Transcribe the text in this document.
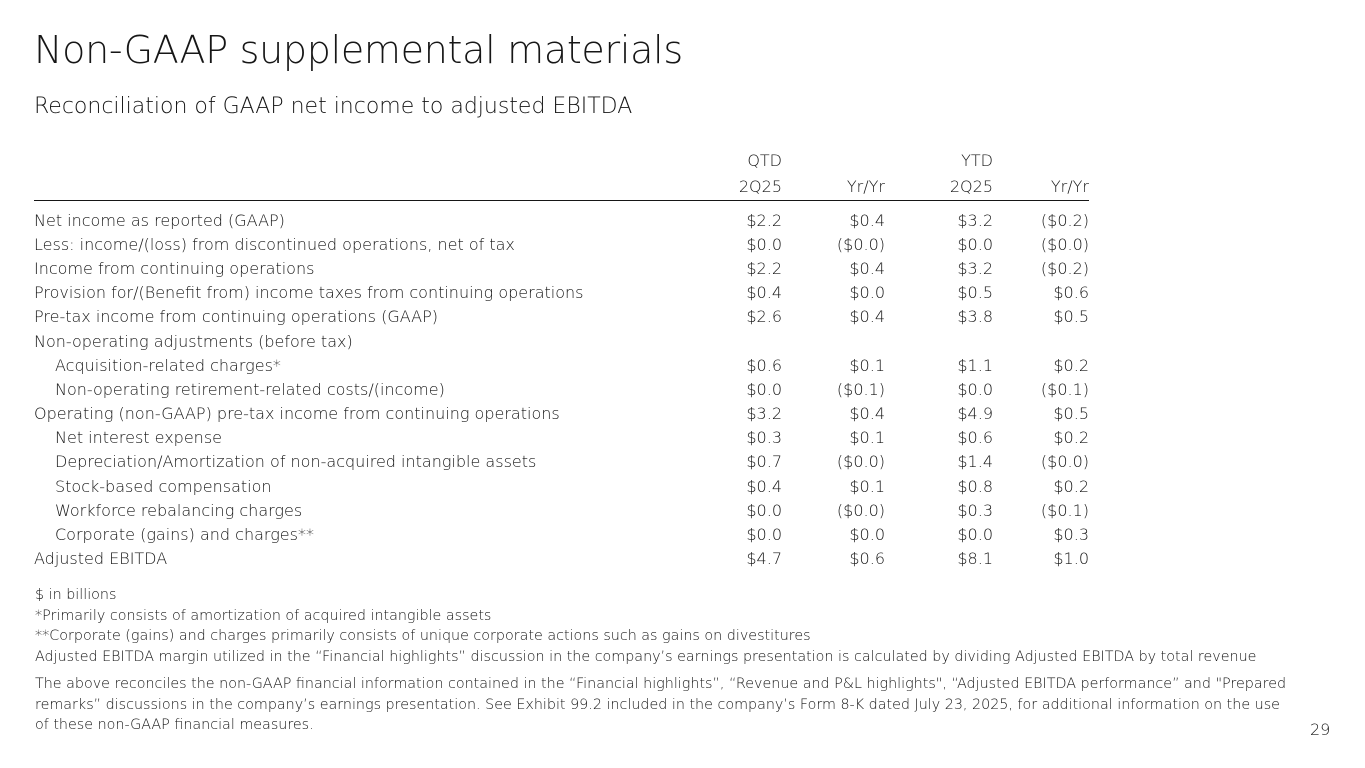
Non-GAAP supplemental materials
Reconciliation of GAAP net income to adjusted EBITDA
	QTD		YTD	
	2Q25	Yr/Yr	2Q25	Yr/Yr

Net income as reported (GAAP)	$2.2	$0.4	$3.2	($0.2)
Less: income/(loss) from discontinued operations, net of tax	$0.0	($0.0)	$0.0	($0.0)
Income from continuing operations	$2.2	$0.4	$3.2	($0.2)
Provision for/(Benefit from) income taxes from continuing operations	$0.4	$0.0	$0.5	$0.6
Pre-tax income from continuing operations (GAAP)	$2.6	$0.4	$3.8	$0.5
Non-operating adjustments (before tax)				
Acquisition-related charges*	$0.6	$0.1	$1.1	$0.2
Non-operating retirement-related costs/(income)	$0.0	($0.1)	$0.0	($0.1)
Operating (non-GAAP) pre-tax income from continuing operations	$3.2	$0.4	$4.9	$0.5
Net interest expense	$0.3	$0.1	$0.6	$0.2
Depreciation/Amortization of non-acquired intangible assets	$0.7	($0.0)	$1.4	($0.0)
Stock-based compensation	$0.4	$0.1	$0.8	$0.2
Workforce rebalancing charges	$0.0	($0.0)	$0.3	($0.1)
Corporate (gains) and charges**	$0.0	$0.0	$0.0	$0.3
Adjusted EBITDA	$4.7	$0.6	$8.1	$1.0
$ in billions
*Primarily consists of amortization of acquired intangible assets
**Corporate (gains) and charges primarily consists of unique corporate actions such as gains on divestitures
Adjusted EBITDA margin utilized in the “Financial highlights” discussion in the company’s earnings presentation is calculated by dividing Adjusted EBITDA by total revenue
The above reconciles the non-GAAP financial information contained in the “Financial highlights”, “Revenue and P&L highlights", “Adjusted EBITDA performance” and "Prepared remarks” discussions in the company’s earnings presentation. See Exhibit 99.2 included in the company’s Form 8-K dated July 23, 2025, for additional information on the use of these non-GAAP financial measures.	29
